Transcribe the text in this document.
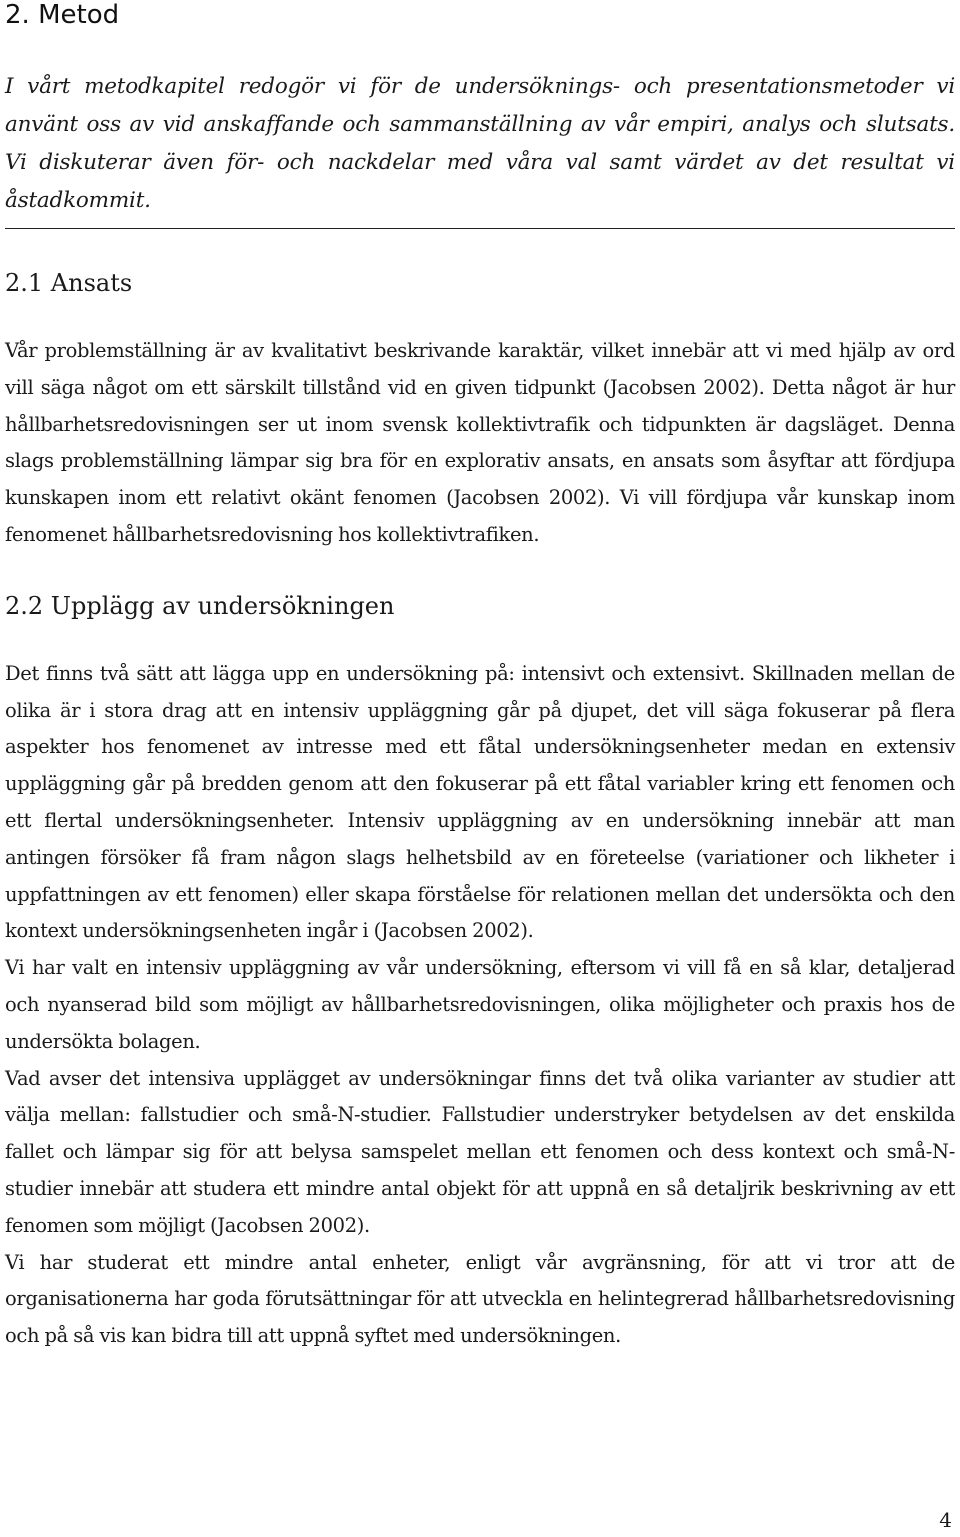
2. Metod

I vårt metodkapitel redogör vi för de undersöknings- och presentationsmetoder vi använt oss av vid anskaffande och sammanställning av vår empiri, analys och slutsats. Vi diskuterar även för- och nackdelar med våra val samt värdet av det resultat vi åstadkommit.

2.1 Ansats

Vår problemställning är av kvalitativt beskrivande karaktär, vilket innebär att vi med hjälp av ord vill säga något om ett särskilt tillstånd vid en given tidpunkt (Jacobsen 2002). Detta något är hur hållbarhetsredovisningen ser ut inom svensk kollektivtrafik och tidpunkten är dagsläget. Denna slags problemställning lämpar sig bra för en explorativ ansats, en ansats som åsyftar att fördjupa kunskapen inom ett relativt okänt fenomen (Jacobsen 2002). Vi vill fördjupa vår kunskap inom fenomenet hållbarhetsredovisning hos kollektivtrafiken.

2.2 Upplägg av undersökningen

Det finns två sätt att lägga upp en undersökning på: intensivt och extensivt. Skillnaden mellan de olika är i stora drag att en intensiv uppläggning går på djupet, det vill säga fokuserar på flera aspekter hos fenomenet av intresse med ett fåtal undersökningsenheter medan en extensiv uppläggning går på bredden genom att den fokuserar på ett fåtal variabler kring ett fenomen och ett flertal undersökningsenheter. Intensiv uppläggning av en undersökning innebär att man antingen försöker få fram någon slags helhetsbild av en företeelse (variationer och likheter i uppfattningen av ett fenomen) eller skapa förståelse för relationen mellan det undersökta och den kontext undersökningsenheten ingår i (Jacobsen 2002).

Vi har valt en intensiv uppläggning av vår undersökning, eftersom vi vill få en så klar, detaljerad och nyanserad bild som möjligt av hållbarhetsredovisningen, olika möjligheter och praxis hos de undersökta bolagen.

Vad avser det intensiva upplägget av undersökningar finns det två olika varianter av studier att välja mellan: fallstudier och små-N-studier. Fallstudier understryker betydelsen av det enskilda fallet och lämpar sig för att belysa samspelet mellan ett fenomen och dess kontext och små-N-studier innebär att studera ett mindre antal objekt för att uppnå en så detaljrik beskrivning av ett fenomen som möjligt (Jacobsen 2002).

Vi har studerat ett mindre antal enheter, enligt vår avgränsning, för att vi tror att de organisationerna har goda förutsättningar för att utveckla en helintegrerad hållbarhetsredovisning och på så vis kan bidra till att uppnå syftet med undersökningen.

4
